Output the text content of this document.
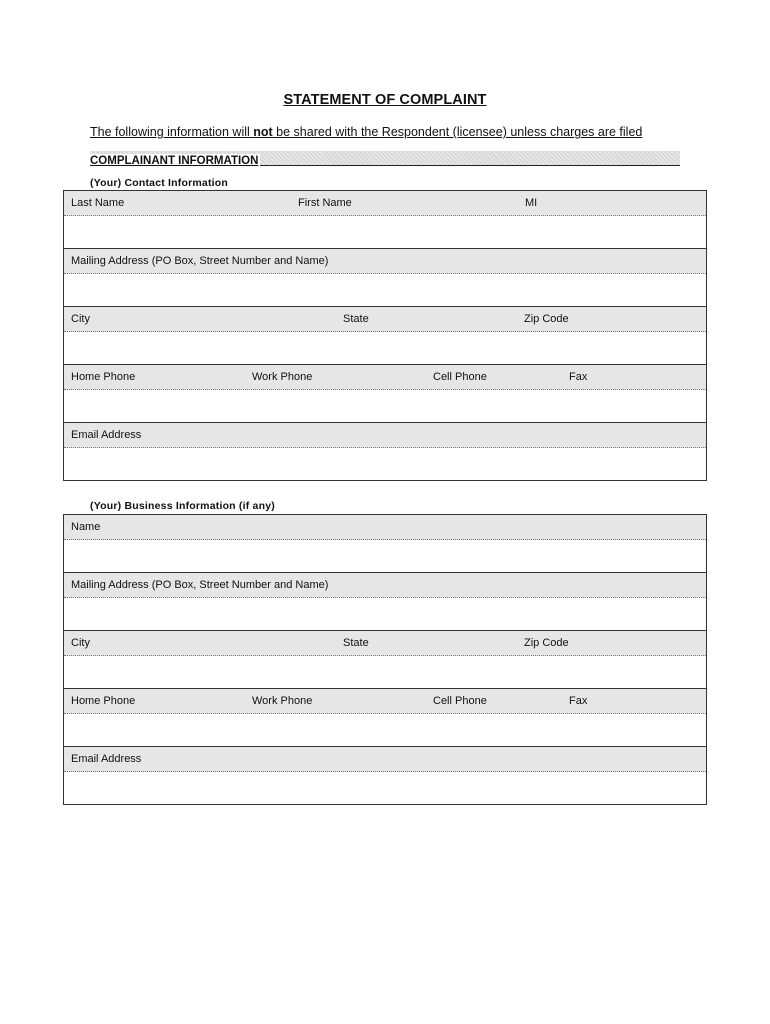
STATEMENT OF COMPLAINT
The following information will not be shared with the Respondent (licensee) unless charges are filed
COMPLAINANT INFORMATION
(Your) Contact Information
Last Name	First Name	MI
Mailing Address (PO Box, Street Number and Name)
City	State	Zip Code
Home Phone	Work Phone	Cell Phone	Fax
Email Address
(Your) Business Information (if any)
Name
Mailing Address (PO Box, Street Number and Name)
City	State	Zip Code
Home Phone	Work Phone	Cell Phone	Fax
Email Address
